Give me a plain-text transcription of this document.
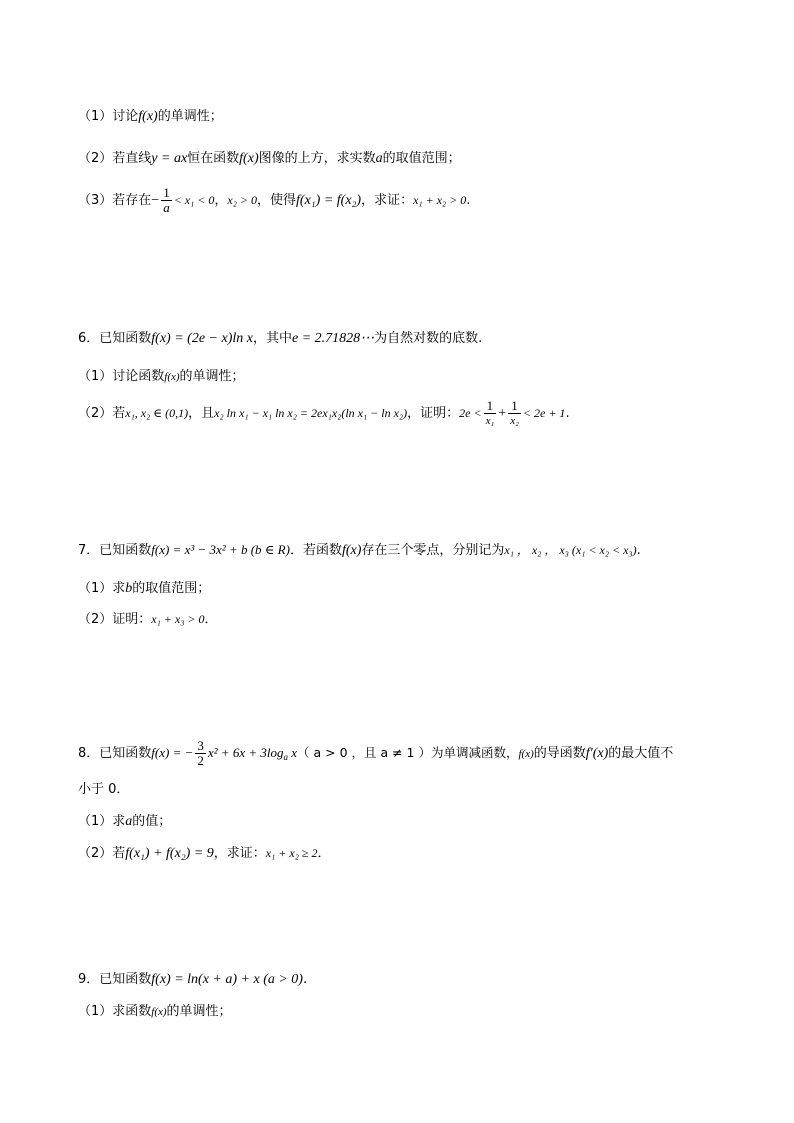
（1）讨论f(x)的单调性；
（2）若直线y = ax恒在函数f(x)图像的上方，求实数a的取值范围；
（3）若存在− $\frac{1}{a} < x_1 < 0$，x₂ > 0，使得f(x₁) = f(x₂)，求证：x₁ + x₂ > 0.
6．已知函数f(x) = (2e − x)ln x，其中e = 2.71828⋯为自然对数的底数.
（1）讨论函数f(x)的单调性；
（2）若x₁, x₂ ∈ (0,1)，且x₂ ln x₁ − x₁ ln x₂ = 2ex₁x₂(ln x₁ − ln x₂)，证明：$2e < \frac{1}{\text{x₁}} + \frac{1}{\text{x₂}} < 2e + 1$.
7．已知函数f(x) = x³ − 3x² + b (b ∈ R)．若函数f(x)存在三个零点，分别记为x₁ ， x₂ ， x₃ (x₁ < x₂ < x₃).
（1）求b的取值范围；
（2）证明：x₁ + x₃ > 0．
8．已知函数f(x) = − $\frac{3}{2} x^2 + 6x + 3\log_a$ x（ a > 0 ，且 a ≠ 1 ）为单调减函数，f(x)的导函数f′(x)的最大值不
小于 0．
（1）求a的值；
（2）若f(x₁) + f(x₂) = 9，求证：x₁ + x₂ ≥ 2．
9．已知函数f(x) = ln(x + a) + x (a > 0).
（1）求函数f(x)的单调性；
